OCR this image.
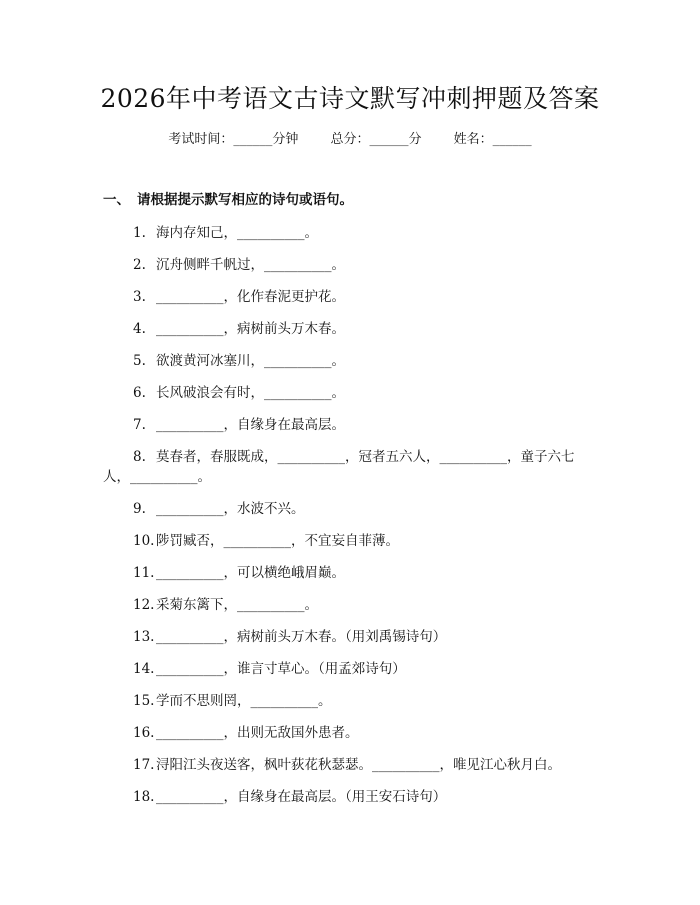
2026年中考语文古诗文默写冲刺押题及答案
考试时间：______分钟 总分：______分 姓名：______
一、 请根据提示默写相应的诗句或语句。
1. 海内存知己，__________。
2. 沉舟侧畔千帆过，__________。
3. __________，化作春泥更护花。
4. __________，病树前头万木春。
5. 欲渡黄河冰塞川，__________。
6. 长风破浪会有时，__________。
7. __________，自缘身在最高层。
8. 莫春者，春服既成，__________，冠者五六人，__________，童子六七
人，__________。
9. __________，水波不兴。
10. 陟罚臧否，__________，不宜妄自菲薄。
11. __________，可以横绝峨眉巅。
12. 采菊东篱下，__________。
13. __________，病树前头万木春。（用刘禹锡诗句）
14. __________，谁言寸草心。（用孟郊诗句）
15. 学而不思则罔，__________。
16. __________，出则无敌国外患者。
17. 浔阳江头夜送客，枫叶荻花秋瑟瑟。__________，唯见江心秋月白。
18. __________，自缘身在最高层。（用王安石诗句）
